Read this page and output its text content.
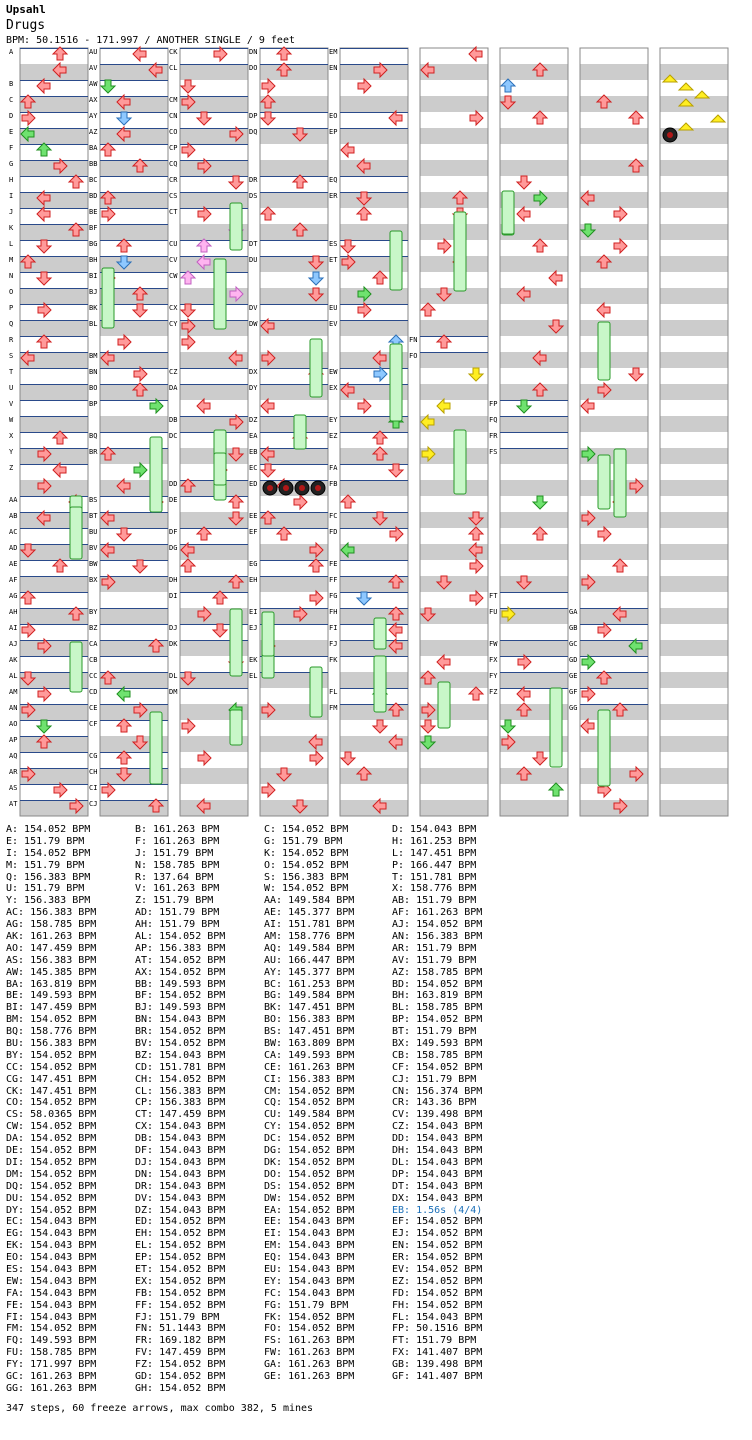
Upsahl
Drugs
BPM: 50.1516 - 171.997 / ANOTHER SINGLE / 9 feet
A
B
C
D
E
F
G
H
I
J
K
L
M
N
O
P
Q
R
S
T
U
V
W
X
Y
Z
AA
AB
AC
AD
AE
AF
AG
AH
AI
AJ
AK
AL
AM
AN
AO
AP
AQ
AR
AS
AT
AU
AV
AW
AX
AY
AZ
BA
BB
BC
BD
BE
BF
BG
BH
BI
BJ
BK
BL
BM
BN
BO
BP
BQ
BR
BS
BT
BU
BV
BW
BX
BY
BZ
CA
CB
CC
CD
CE
CF
CG
CH
CI
CJ
CK
CL
CM
CN
CO
CP
CQ
CR
CS
CT
CU
CV
CW
CX
CY
CZ
DA
DB
DC
DD
DE
DF
DG
DH
DI
DJ
DK
DL
DM
DN
DO
DP
DQ
DR
DS
DT
DU
DV
DW
DX
DY
DZ
EA
EB
EC
ED
EE
EF
EG
EH
EI
EJ
EK
EL
EM
EN
EO
EP
EQ
ER
ES
ET
EU
EV
EW
EX
EY
EZ
FA
FB
FC
FD
FE
FF
FG
FH
FI
FJ
FK
FL
FM
FN
FO
FP
FQ
FR
FS
FT
FU
FW
FX
FY
FZ
GA
GB
GC
GD
GE
GF
GG
A: 154.052 BPM	B: 161.263 BPM	C: 154.052 BPM	D: 154.043 BPM
E: 151.79 BPM	F: 161.263 BPM	G: 151.79 BPM	H: 161.253 BPM
I: 154.052 BPM	J: 151.79 BPM	K: 154.052 BPM	L: 147.451 BPM
M: 151.79 BPM	N: 158.785 BPM	O: 154.052 BPM	P: 166.447 BPM
Q: 156.383 BPM	R: 137.64 BPM	S: 156.383 BPM	T: 151.781 BPM
U: 151.79 BPM	V: 161.263 BPM	W: 154.052 BPM	X: 158.776 BPM
Y: 156.383 BPM	Z: 151.79 BPM	AA: 149.584 BPM	AB: 151.79 BPM
AC: 156.383 BPM	AD: 151.79 BPM	AE: 145.377 BPM	AF: 161.263 BPM
AG: 158.785 BPM	AH: 151.79 BPM	AI: 151.781 BPM	AJ: 154.052 BPM
AK: 161.263 BPM	AL: 154.052 BPM	AM: 158.776 BPM	AN: 156.383 BPM
AO: 147.459 BPM	AP: 156.383 BPM	AQ: 149.584 BPM	AR: 151.79 BPM
AS: 156.383 BPM	AT: 154.052 BPM	AU: 166.447 BPM	AV: 151.79 BPM
AW: 145.385 BPM	AX: 154.052 BPM	AY: 145.377 BPM	AZ: 158.785 BPM
BA: 163.819 BPM	BB: 149.593 BPM	BC: 161.253 BPM	BD: 154.052 BPM
BE: 149.593 BPM	BF: 154.052 BPM	BG: 149.584 BPM	BH: 163.819 BPM
BI: 147.459 BPM	BJ: 149.593 BPM	BK: 147.451 BPM	BL: 158.785 BPM
BM: 154.052 BPM	BN: 154.043 BPM	BO: 156.383 BPM	BP: 154.052 BPM
BQ: 158.776 BPM	BR: 154.052 BPM	BS: 147.451 BPM	BT: 151.79 BPM
BU: 156.383 BPM	BV: 154.052 BPM	BW: 163.809 BPM	BX: 149.593 BPM
BY: 154.052 BPM	BZ: 154.043 BPM	CA: 149.593 BPM	CB: 158.785 BPM
CC: 154.052 BPM	CD: 151.781 BPM	CE: 161.263 BPM	CF: 154.052 BPM
CG: 147.451 BPM	CH: 154.052 BPM	CI: 156.383 BPM	CJ: 151.79 BPM
CK: 147.451 BPM	CL: 156.383 BPM	CM: 154.052 BPM	CN: 156.374 BPM
CO: 154.052 BPM	CP: 156.383 BPM	CQ: 154.052 BPM	CR: 143.36 BPM
CS: 58.0365 BPM	CT: 147.459 BPM	CU: 149.584 BPM	CV: 139.498 BPM
CW: 154.052 BPM	CX: 154.043 BPM	CY: 154.052 BPM	CZ: 154.043 BPM
DA: 154.052 BPM	DB: 154.043 BPM	DC: 154.052 BPM	DD: 154.043 BPM
DE: 154.052 BPM	DF: 154.043 BPM	DG: 154.052 BPM	DH: 154.043 BPM
DI: 154.052 BPM	DJ: 154.043 BPM	DK: 154.052 BPM	DL: 154.043 BPM
DM: 154.052 BPM	DN: 154.043 BPM	DO: 154.052 BPM	DP: 154.043 BPM
DQ: 154.052 BPM	DR: 154.043 BPM	DS: 154.052 BPM	DT: 154.043 BPM
DU: 154.052 BPM	DV: 154.043 BPM	DW: 154.052 BPM	DX: 154.043 BPM
DY: 154.052 BPM	DZ: 154.043 BPM	EA: 154.052 BPM	EB: 1.56s (4/4)
EC: 154.043 BPM	ED: 154.052 BPM	EE: 154.043 BPM	EF: 154.052 BPM
EG: 154.043 BPM	EH: 154.052 BPM	EI: 154.043 BPM	EJ: 154.052 BPM
EK: 154.043 BPM	EL: 154.052 BPM	EM: 154.043 BPM	EN: 154.052 BPM
EO: 154.043 BPM	EP: 154.052 BPM	EQ: 154.043 BPM	ER: 154.052 BPM
ES: 154.043 BPM	ET: 154.052 BPM	EU: 154.043 BPM	EV: 154.052 BPM
EW: 154.043 BPM	EX: 154.052 BPM	EY: 154.043 BPM	EZ: 154.052 BPM
FA: 154.043 BPM	FB: 154.052 BPM	FC: 154.043 BPM	FD: 154.052 BPM
FE: 154.043 BPM	FF: 154.052 BPM	FG: 151.79 BPM	FH: 154.052 BPM
FI: 154.043 BPM	FJ: 151.79 BPM	FK: 154.052 BPM	FL: 154.043 BPM
FM: 154.052 BPM	FN: 51.1443 BPM	FO: 154.052 BPM	FP: 50.1516 BPM
FQ: 149.593 BPM	FR: 169.182 BPM	FS: 161.263 BPM	FT: 151.79 BPM
FU: 158.785 BPM	FV: 147.459 BPM	FW: 161.263 BPM	FX: 141.407 BPM
FY: 171.997 BPM	FZ: 154.052 BPM	GA: 161.263 BPM	GB: 139.498 BPM
GC: 161.263 BPM	GD: 154.052 BPM	GE: 161.263 BPM	GF: 141.407 BPM
GG: 161.263 BPM	GH: 154.052 BPM
347 steps, 60 freeze arrows, max combo 382, 5 mines
